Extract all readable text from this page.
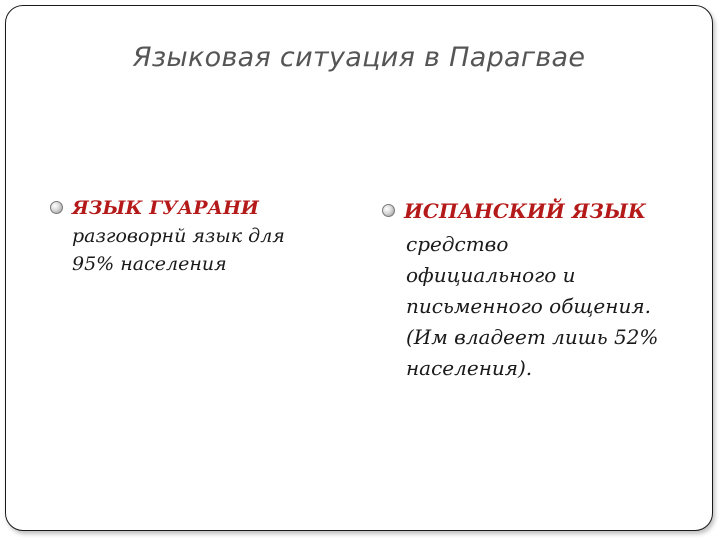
Языковая ситуация в Парагвае
ЯЗЫК ГУАРАНИ
разговорнй язык для
95% населения
ИСПАНСКИЙ ЯЗЫК
средство
официального и
письменного общения.
(Им владеет лишь 52%
населения).
